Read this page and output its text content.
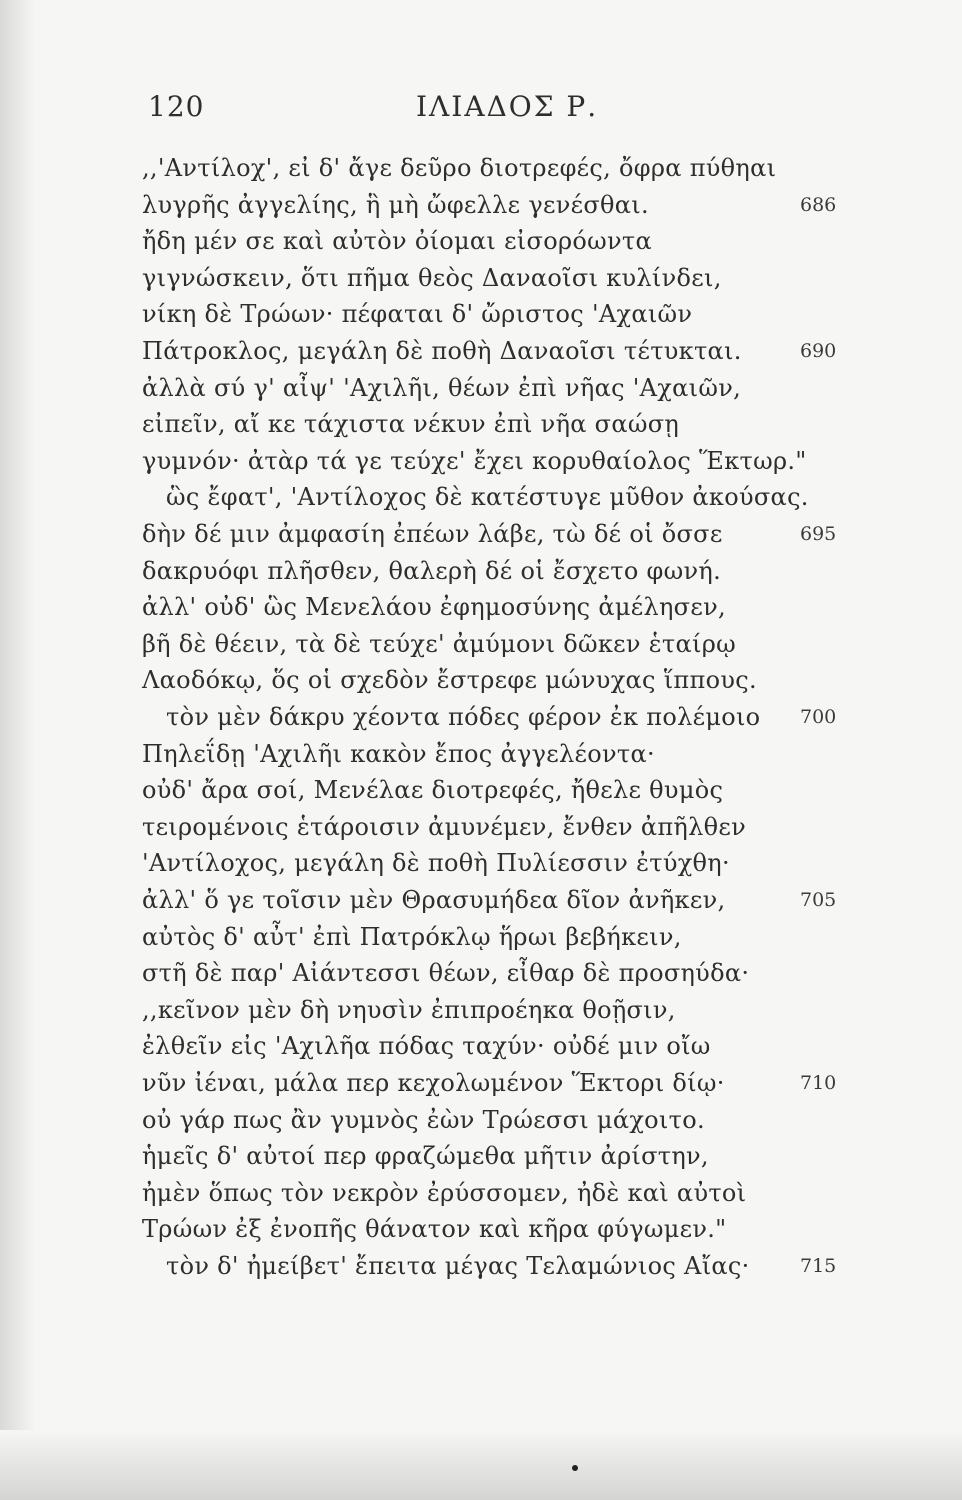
120	ΙΛΙΑΔΟΣ Ρ.
,,'Αντίλοχ', εἰ δ' ἄγε δεῦρο διοτρεφές, ὄφρα πύθηαι
λυγρῆς ἀγγελίης, ἣ μὴ ὤφελλε γενέσθαι.	686
ἤδη μέν σε καὶ αὐτὸν ὀίομαι εἰσορόωντα
γιγνώσκειν, ὅτι πῆμα θεὸς Δαναοῖσι κυλίνδει,
νίκη δὲ Τρώων· πέφαται δ' ὤριστος 'Αχαιῶν
Πάτροκλος, μεγάλη δὲ ποθὴ Δαναοῖσι τέτυκται.	690
ἀλλὰ σύ γ' αἶψ' 'Αχιλῆι, θέων ἐπὶ νῆας 'Αχαιῶν,
εἰπεῖν, αἴ κε τάχιστα νέκυν ἐπὶ νῆα σαώσῃ
γυμνόν· ἀτὰρ τά γε τεύχε' ἔχει κορυθαίολος Ἕκτωρ."
ὣς ἔφατ', 'Αντίλοχος δὲ κατέστυγε μῦθον ἀκούσας.
δὴν δέ μιν ἀμφασίη ἐπέων λάβε, τὼ δέ οἱ ὄσσε	695
δακρυόφι πλῆσθεν, θαλερὴ δέ οἱ ἔσχετο φωνή.
ἀλλ' οὐδ' ὣς Μενελάου ἐφημοσύνης ἀμέλησεν,
βῆ δὲ θέειν, τὰ δὲ τεύχε' ἀμύμονι δῶκεν ἑταίρῳ
Λαοδόκῳ, ὅς οἱ σχεδὸν ἔστρεφε μώνυχας ἵππους.
τὸν μὲν δάκρυ χέοντα πόδες φέρον ἐκ πολέμοιο 700
Πηλεΐδῃ 'Αχιλῆι κακὸν ἔπος ἀγγελέοντα·
οὐδ' ἄρα σοί, Μενέλαε διοτρεφές, ἤθελε θυμὸς
τειρομένοις ἑτάροισιν ἀμυνέμεν, ἔνθεν ἀπῆλθεν
'Αντίλοχος, μεγάλη δὲ ποθὴ Πυλίεσσιν ἐτύχθη·
ἀλλ' ὅ γε τοῖσιν μὲν Θρασυμήδεα δῖον ἀνῆκεν,	705
αὐτὸς δ' αὖτ' ἐπὶ Πατρόκλῳ ἥρωι βεβήκειν,
στῆ δὲ παρ' Αἰάντεσσι θέων, εἶθαρ δὲ προσηύδα·
,,κεῖνον μὲν δὴ νηυσὶν ἐπιπροέηκα θοῇσιν,
ἐλθεῖν εἰς 'Αχιλῆα πόδας ταχύν· οὐδέ μιν οἴω
νῦν ἰέναι, μάλα περ κεχολωμένον Ἕκτορι δίῳ·	710
οὐ γάρ πως ἂν γυμνὸς ἐὼν Τρώεσσι μάχοιτο.
ἡμεῖς δ' αὐτοί περ φραζώμεθα μῆτιν ἀρίστην,
ἠμὲν ὅπως τὸν νεκρὸν ἐρύσσομεν, ἠδὲ καὶ αὐτοὶ
Τρώων ἐξ ἐνοπῆς θάνατον καὶ κῆρα φύγωμεν."
τὸν δ' ἠμείβετ' ἔπειτα μέγας Τελαμώνιος Αἴας·	715
